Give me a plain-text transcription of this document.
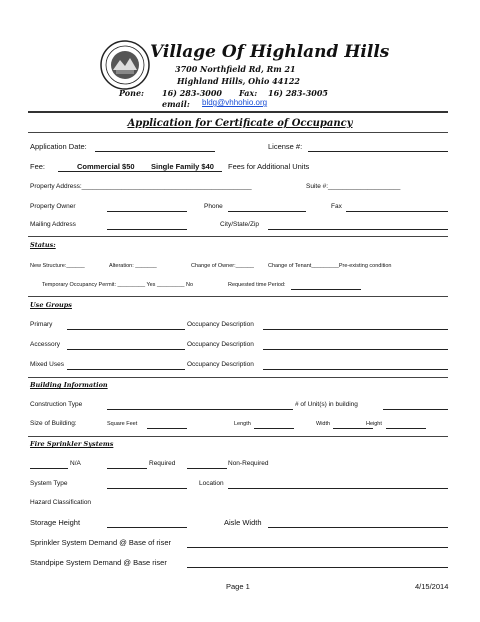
Village Of Highland Hills
3700 Northfield Rd, Rm 21
Highland Hills, Ohio 44122
Pone: 16) 283-3000 Fax: 16) 283-3005
email: bldg@vhhohio.org
Application for Certificate of Occupancy
Application Date:	License #:
Fee:	Commercial $50 Single Family $40 Fees for Additional Units
Property Address:_______________________________________________	Suite #:____________________
Property Owner	Phone	Fax
Mailing Address	City/State/Zip
Status:
New Structure:______	Alteration: _______	Change of Owner:______	Change of Tenant_________Pre-existing condition
Temporary Occupancy Permit: _________ Yes _________ No	Requested time Period:
Use Groups
Primary	Occupancy Description
Accessory	Occupancy Description
Mixed Uses	Occupancy Description
Building Information
Construction Type	# of Unit(s) in building
Size of Building:	Square Feet	Length	Width	Height
Fire Sprinkler Systems
N/A	Required	Non-Required
System Type	Location
Hazard Classification
Storage Height	Aisle Width
Sprinkler System Demand @ Base of riser
Standpipe System Demand @ Base riser
Page 1	4/15/2014
